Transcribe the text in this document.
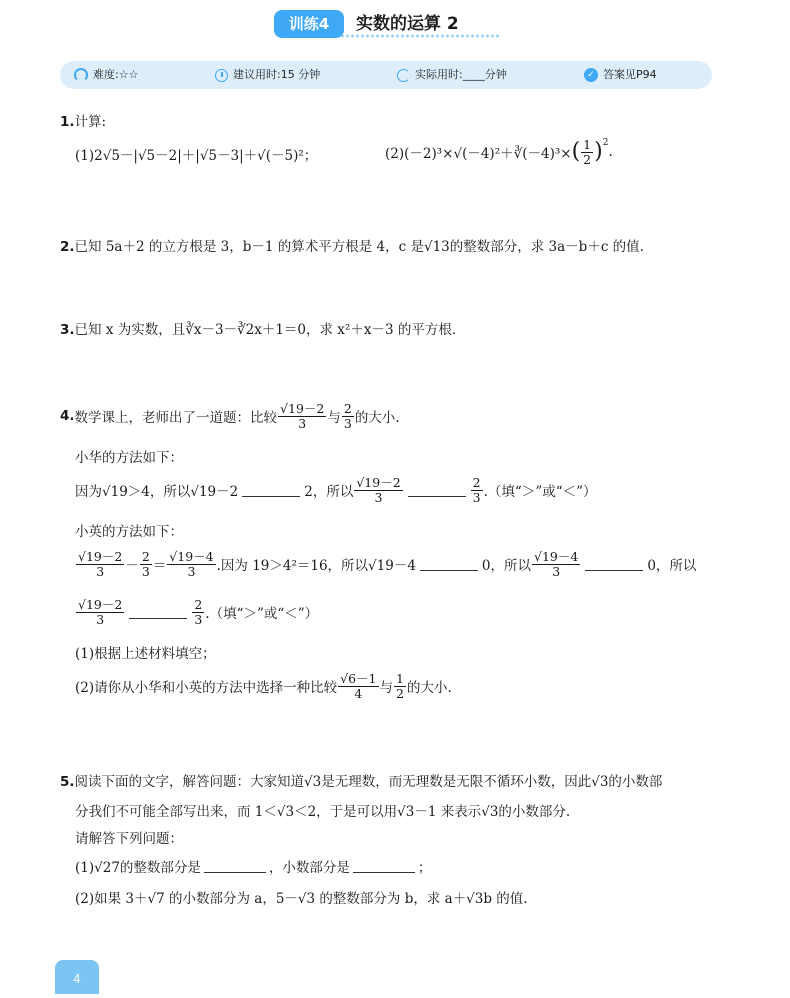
训练4	实数的运算 2
难度:☆☆	建议用时:15 分钟	实际用时:____分钟	✓ 答案见P94
1.计算:
(1)2√5－|√5－2|＋|√5－3|＋√(－5)²；	(2)(－2)³×√(－4)²＋∛(－4)³× ( $\frac{1}{2} )^2$
.
2.已知 5a＋2 的立方根是 3，b－1 的算术平方根是 4，c 是√13的整数部分，求 3a－b＋c 的值.
3.已知 x 为实数，且∛x－3－∛2x＋1＝0，求 x²＋x－3 的平方根.
4. 数学课上，老师出了一道题：比较 $\frac{√19-2}{3}$ 与 $\frac{2}{3}$ 的大小.
小华的方法如下：
因为√19＞4，所以√19－2	2，所以 $\frac{√19-2}{3}$	$\frac{2}{3}$ .（填“＞”或“＜”）
小英的方法如下：
$\frac{√19-2}{3} - \frac{2}{3} = \frac{√19-4}{3}$ .因为 19＞4²＝16，所以√19－4	0，所以 $\frac{√19-4}{3}$	0，所以
$\frac{√19-2}{3}$	$\frac{2}{3}$ .（填“＞”或“＜”）
(1)根据上述材料填空；
(2)请你从小华和小英的方法中选择一种比较 $\frac{√6-1}{4}$ 与 $\frac{1}{2}$ 的大小.
5.阅读下面的文字，解答问题：大家知道√3是无理数，而无理数是无限不循环小数，因此√3的小数部
分我们不可能全部写出来，而 1＜√3＜2，于是可以用√3－1 来表示√3的小数部分.
请解答下列问题：
(1)√27的整数部分是	，小数部分是	；
(2)如果 3＋√7 的小数部分为 a，5－√3 的整数部分为 b，求 a＋√3b 的值.
4
